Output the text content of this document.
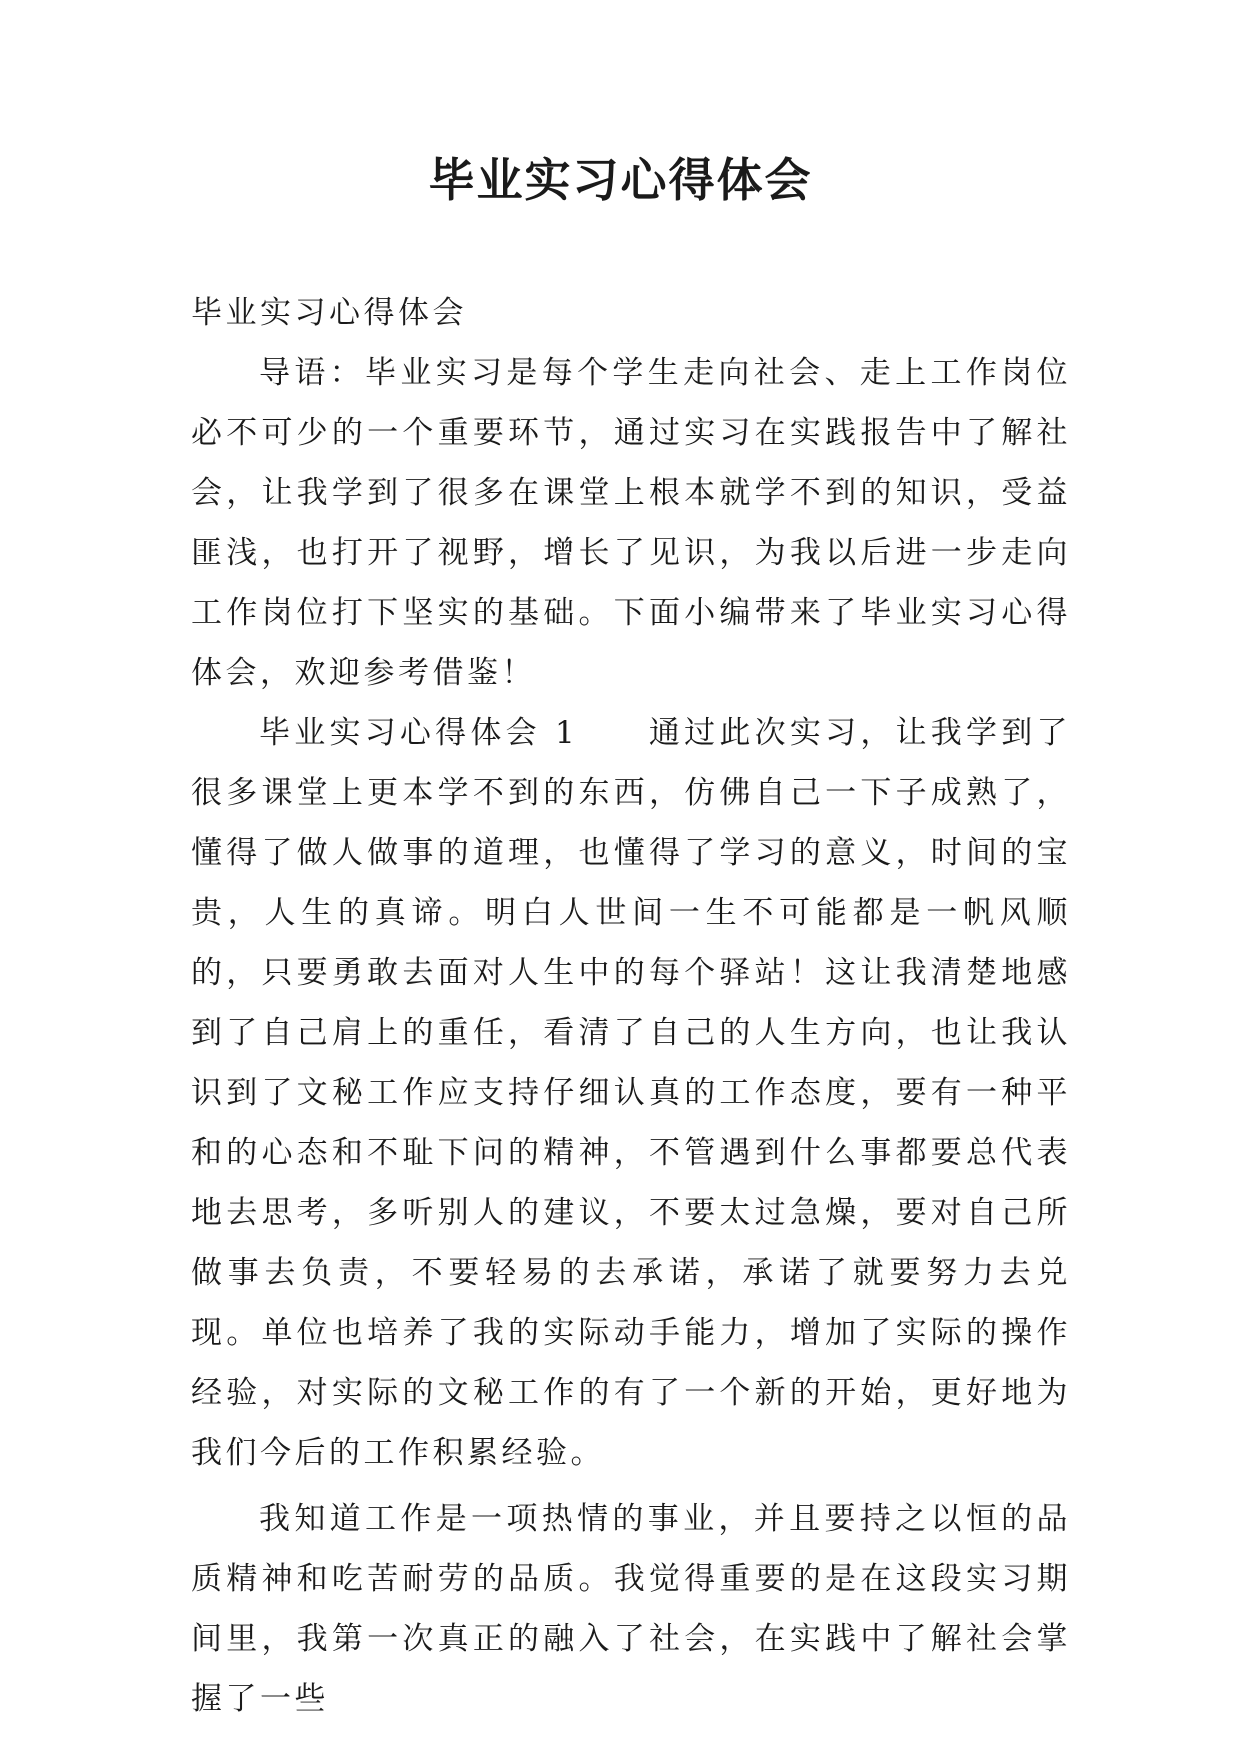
毕业实习心得体会

毕业实习心得体会

导语：毕业实习是每个学生走向社会、走上工作岗位必不可少的一个重要环节，通过实习在实践报告中了解社会，让我学到了很多在课堂上根本就学不到的知识，受益匪浅，也打开了视野，增长了见识，为我以后进一步走向工作岗位打下坚实的基础。下面小编带来了毕业实习心得体会，欢迎参考借鉴！

毕业实习心得体会 1 通过此次实习，让我学到了很多课堂上更本学不到的东西，仿佛自己一下子成熟了，懂得了做人做事的道理，也懂得了学习的意义，时间的宝贵，人生的真谛。明白人世间一生不可能都是一帆风顺的，只要勇敢去面对人生中的每个驿站！这让我清楚地感到了自己肩上的重任，看清了自己的人生方向，也让我认识到了文秘工作应支持仔细认真的工作态度，要有一种平和的心态和不耻下问的精神，不管遇到什么事都要总代表地去思考，多听别人的建议，不要太过急燥，要对自己所做事去负责，不要轻易的去承诺，承诺了就要努力去兑现。单位也培养了我的实际动手能力，增加了实际的操作经验，对实际的文秘工作的有了一个新的开始，更好地为我们今后的工作积累经验。

我知道工作是一项热情的事业，并且要持之以恒的品质精神和吃苦耐劳的品质。我觉得重要的是在这段实习期间里，我第一次真正的融入了社会，在实践中了解社会掌握了一些
